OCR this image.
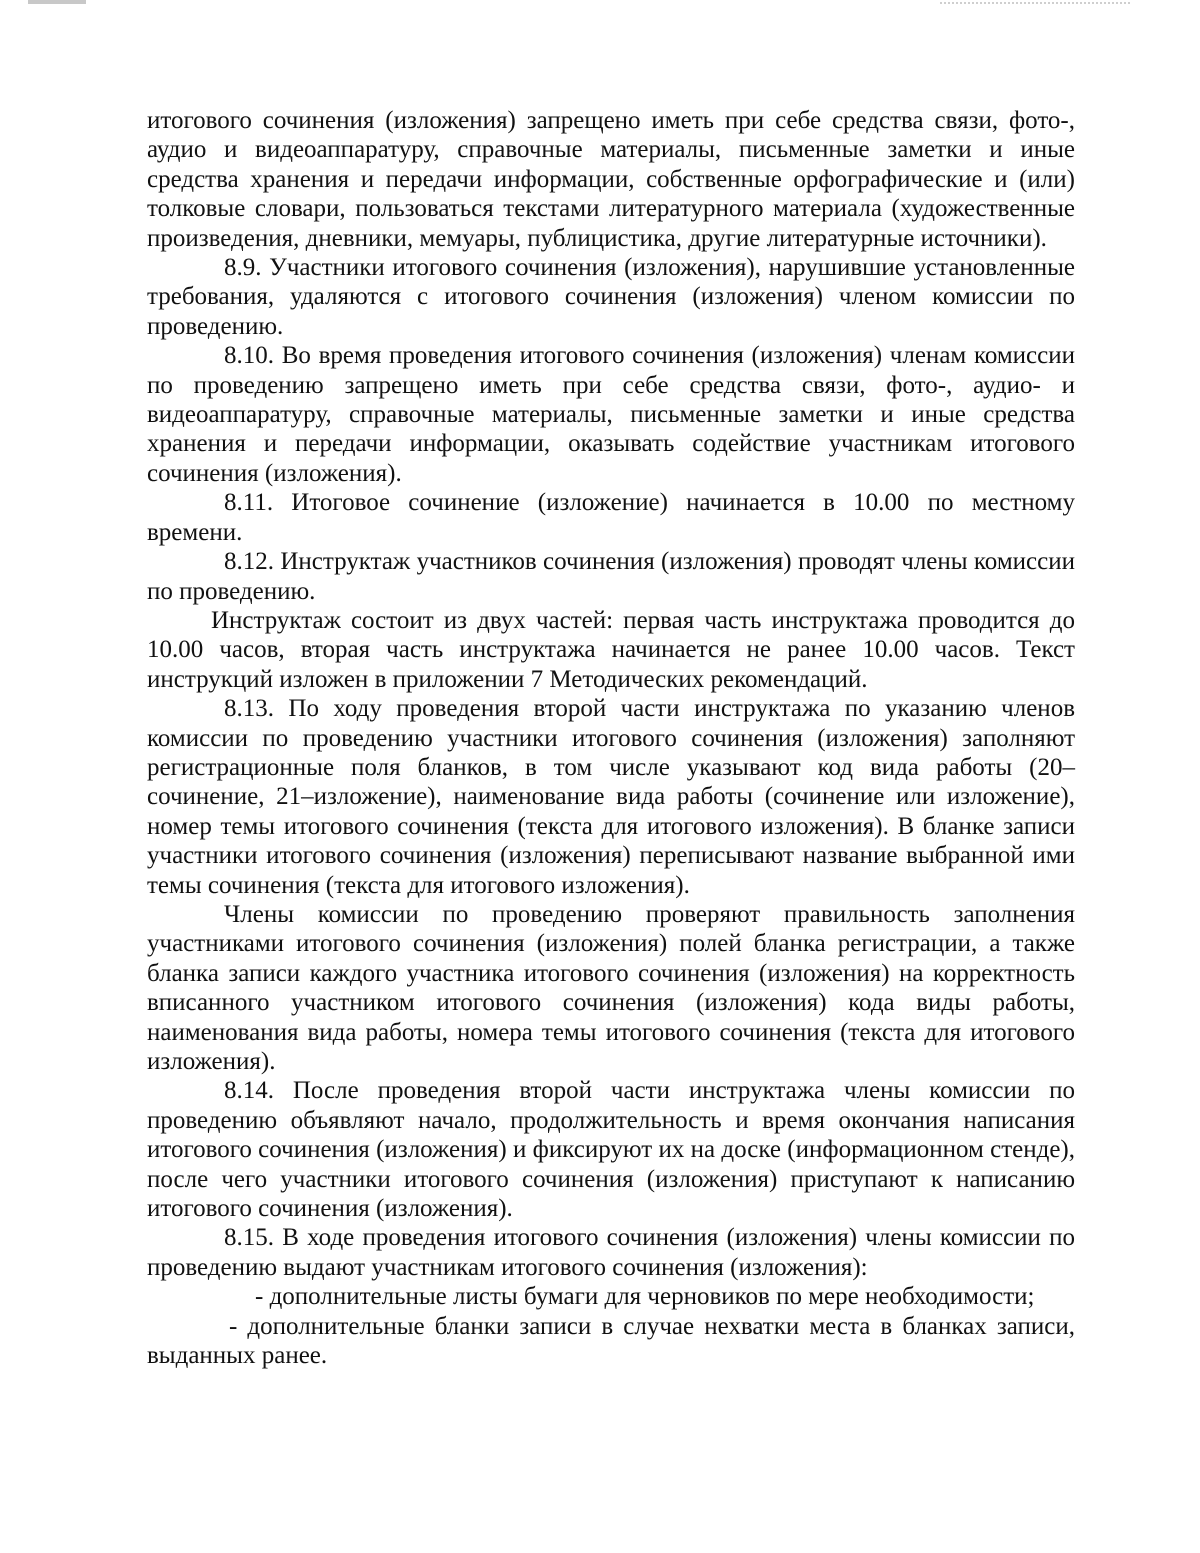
итогового сочинения (изложения) запрещено иметь при себе средства связи, фото-, аудио и видеоаппаратуру, справочные материалы, письменные заметки и иные средства хранения и передачи информации, собственные орфографические и (или) толковые словари, пользоваться текстами литературного материала (художественные произведения, дневники, мемуары, публицистика, другие литературные источники).

8.9. Участники итогового сочинения (изложения), нарушившие установленные требования, удаляются с итогового сочинения (изложения) членом комиссии по проведению.

8.10. Во время проведения итогового сочинения (изложения) членам комиссии по проведению запрещено иметь при себе средства связи, фото-, аудио- и видеоаппаратуру, справочные материалы, письменные заметки и иные средства хранения и передачи информации, оказывать содействие участникам итогового сочинения (изложения).

8.11. Итоговое сочинение (изложение) начинается в 10.00 по местному времени.

8.12. Инструктаж участников сочинения (изложения) проводят члены комиссии по проведению.

Инструктаж состоит из двух частей: первая часть инструктажа проводится до 10.00 часов, вторая часть инструктажа начинается не ранее 10.00 часов. Текст инструкций изложен в приложении 7 Методических рекомендаций.

8.13. По ходу проведения второй части инструктажа по указанию членов комиссии по проведению участники итогового сочинения (изложения) заполняют регистрационные поля бланков, в том числе указывают код вида работы (20–сочинение, 21–изложение), наименование вида работы (сочинение или изложение), номер темы итогового сочинения (текста для итогового изложения). В бланке записи участники итогового сочинения (изложения) переписывают название выбранной ими темы сочинения (текста для итогового изложения).

Члены комиссии по проведению проверяют правильность заполнения участниками итогового сочинения (изложения) полей бланка регистрации, а также бланка записи каждого участника итогового сочинения (изложения) на корректность вписанного участником итогового сочинения (изложения) кода виды работы, наименования вида работы, номера темы итогового сочинения (текста для итогового изложения).

8.14. После проведения второй части инструктажа члены комиссии по проведению объявляют начало, продолжительность и время окончания написания итогового сочинения (изложения) и фиксируют их на доске (информационном стенде), после чего участники итогового сочинения (изложения) приступают к написанию итогового сочинения (изложения).

8.15. В ходе проведения итогового сочинения (изложения) члены комиссии по проведению выдают участникам итогового сочинения (изложения):

- дополнительные листы бумаги для черновиков по мере необходимости;

- дополнительные бланки записи в случае нехватки места в бланках записи, выданных ранее.
